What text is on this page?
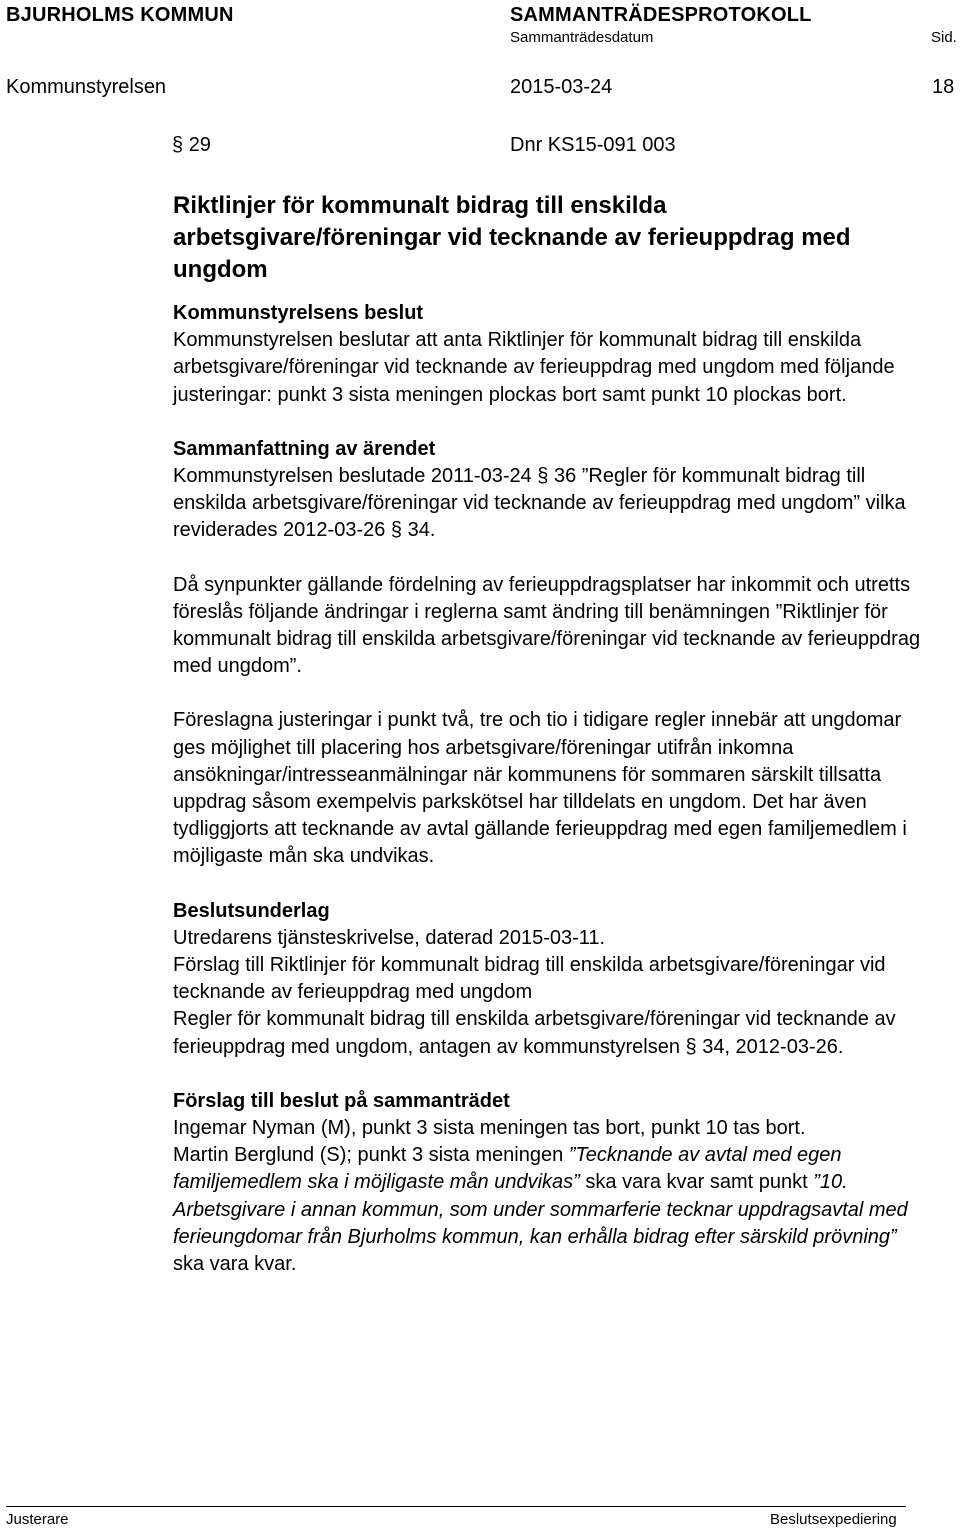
BJURHOLMS KOMMUN	SAMMANTRÄDESPROTOKOLL
Sammanträdesdatum	Sid.
Kommunstyrelsen	2015-03-24	18
§ 29	Dnr KS15-091 003
Riktlinjer för kommunalt bidrag till enskilda arbetsgivare/föreningar vid tecknande av ferieuppdrag med ungdom
Kommunstyrelsens beslut
Kommunstyrelsen beslutar att anta Riktlinjer för kommunalt bidrag till enskilda arbetsgivare/föreningar vid tecknande av ferieuppdrag med ungdom med följande justeringar: punkt 3 sista meningen plockas bort samt punkt 10 plockas bort.
Sammanfattning av ärendet
Kommunstyrelsen beslutade 2011-03-24 § 36 ”Regler för kommunalt bidrag till enskilda arbetsgivare/föreningar vid tecknande av ferieuppdrag med ungdom” vilka reviderades 2012-03-26 § 34.
Då synpunkter gällande fördelning av ferieuppdragsplatser har inkommit och utretts föreslås följande ändringar i reglerna samt ändring till benämningen ”Riktlinjer för kommunalt bidrag till enskilda arbetsgivare/föreningar vid tecknande av ferieuppdrag med ungdom”.
Föreslagna justeringar i punkt två, tre och tio i tidigare regler innebär att ungdomar ges möjlighet till placering hos arbetsgivare/föreningar utifrån inkomna ansökningar/intresseanmälningar när kommunens för sommaren särskilt tillsatta uppdrag såsom exempelvis parkskötsel har tilldelats en ungdom. Det har även tydliggjorts att tecknande av avtal gällande ferieuppdrag med egen familjemedlem i möjligaste mån ska undvikas.
Beslutsunderlag
Utredarens tjänsteskrivelse, daterad 2015-03-11.
Förslag till Riktlinjer för kommunalt bidrag till enskilda arbetsgivare/föreningar vid tecknande av ferieuppdrag med ungdom
Regler för kommunalt bidrag till enskilda arbetsgivare/föreningar vid tecknande av ferieuppdrag med ungdom, antagen av kommunstyrelsen § 34, 2012-03-26.
Förslag till beslut på sammanträdet
Ingemar Nyman (M), punkt 3 sista meningen tas bort, punkt 10 tas bort.
Martin Berglund (S); punkt 3 sista meningen ”Tecknande av avtal med egen familjemedlem ska i möjligaste mån undvikas” ska vara kvar samt punkt ”10. Arbetsgivare i annan kommun, som under sommarferie tecknar uppdragsavtal med ferieungdomar från Bjurholms kommun, kan erhålla bidrag efter särskild prövning” ska vara kvar.
Justerare	Beslutsexpediering
